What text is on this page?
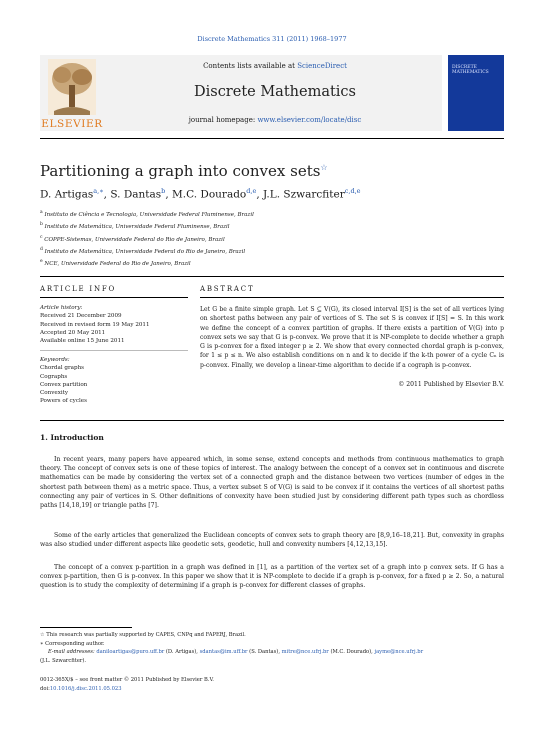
Discrete Mathematics 311 (2011) 1968–1977
ELSEVIER
Contents lists available at ScienceDirect
Discrete Mathematics
journal homepage: www.elsevier.com/locate/disc
DISCRETE MATHEMATICS
Partitioning a graph into convex sets☆
D. Artigas$^{a,∗}$, S. Dantas$^b$, M.C. Dourado$^{d,e}$, J.L. Szwarcfiter$^{c,d,e}$
$^a$ Instituto de Ciência e Tecnologia, Universidade Federal Fluminense, Brazil
$^b$ Instituto de Matemática, Universidade Federal Fluminense, Brazil
$^c$ COPPE-Sistemas, Universidade Federal do Rio de Janeiro, Brazil
$^d$ Instituto de Matemática, Universidade Federal do Rio de Janeiro, Brazil
$^e$ NCE, Universidade Federal do Rio de Janeiro, Brazil
ARTICLE INFO	ABSTRACT
Article history:
Received 21 December 2009
Received in revised form 19 May 2011
Accepted 20 May 2011
Available online 15 June 2011
Keywords:
Chordal graphs
Cographs
Convex partition
Convexity
Powers of cycles
Let G be a finite simple graph. Let S ⊆ V(G), its closed interval I[S] is the set of all vertices lying on shortest paths between any pair of vertices of S. The set S is convex if I[S] = S. In this work we define the concept of a convex partition of graphs. If there exists a partition of V(G) into p convex sets we say that G is p-convex. We prove that it is NP-complete to decide whether a graph G is p-convex for a fixed integer p ≥ 2. We show that every connected chordal graph is p-convex, for 1 ≤ p ≤ n. We also establish conditions on n and k to decide if the k-th power of a cycle Cₙ is p-convex. Finally, we develop a linear-time algorithm to decide if a cograph is p-convex.
© 2011 Published by Elsevier B.V.
1. Introduction
In recent years, many papers have appeared which, in some sense, extend concepts and methods from continuous mathematics to graph theory. The concept of convex sets is one of these topics of interest. The analogy between the concept of a convex set in continuous and discrete mathematics can be made by considering the vertex set of a connected graph and the distance between two vertices (number of edges in the shortest path between them) as a metric space. Thus, a vertex subset S of V(G) is said to be convex if it contains the vertices of all shortest paths connecting any pair of vertices in S. Other definitions of convexity have been studied just by considering different path types such as chordless paths [14,18,19] or triangle paths [7].
Some of the early articles that generalized the Euclidean concepts of convex sets to graph theory are [8,9,16–18,21]. But, convexity in graphs was also studied under different aspects like geodetic sets, geodetic, hull and convexity numbers [4,12,13,15].
The concept of a convex p-partition in a graph was defined in [1], as a partition of the vertex set of a graph into p convex sets. If G has a convex p-partition, then G is p-convex. In this paper we show that it is NP-complete to decide if a graph is p-convex, for a fixed p ≥ 2. So, a natural question is to study the complexity of determining if a graph is p-convex for different classes of graphs.
☆ This research was partially supported by CAPES, CNPq and FAPERJ, Brazil.
∗ Corresponding author.
E-mail addresses: daniloartigas@puro.uff.br (D. Artigas), sdantas@im.uff.br (S. Dantas), mitre@nce.ufrj.br (M.C. Dourado), jayme@nce.ufrj.br
(J.L. Szwarcfiter).
0012-365X/$ – see front matter © 2011 Published by Elsevier B.V.
doi:10.1016/j.disc.2011.05.023
